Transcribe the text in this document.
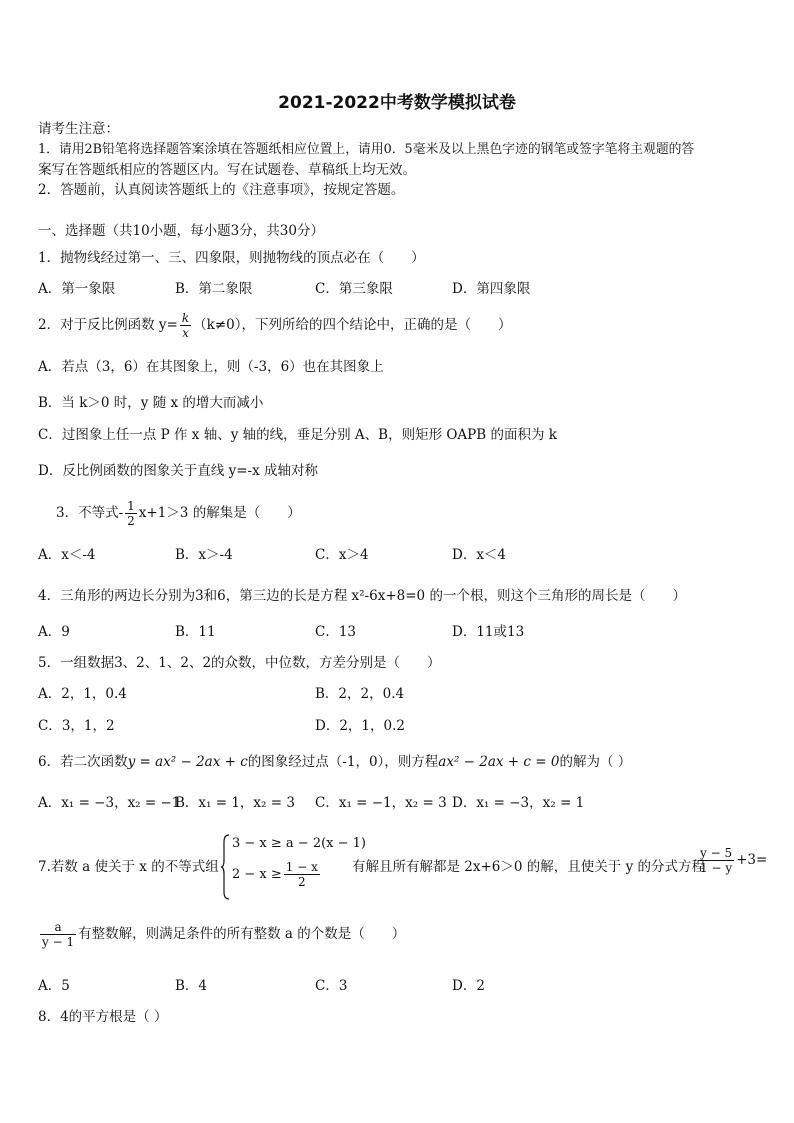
2021-2022中考数学模拟试卷
请考生注意：
1．请用2B铅笔将选择题答案涂填在答题纸相应位置上，请用0．5毫米及以上黑色字迹的钢笔或签字笔将主观题的答
案写在答题纸相应的答题区内。写在试题卷、草稿纸上均无效。
2．答题前，认真阅读答题纸上的《注意事项》，按规定答题。
一、选择题（共10小题，每小题3分，共30分）
1．抛物线经过第一、三、四象限，则抛物线的顶点必在（　　）
A．第一象限	B．第二象限	C．第三象限	D．第四象限
2．对于反比例函数 $y= \frac{k}{x} (k\ne 0)$，下列所给的四个结论中，正确的是（　　）
A．若点（3，6）在其图象上，则（-3，6）也在其图象上
B．当 k＞0 时，y 随 x 的增大而减小
C．过图象上任一点 P 作 x 轴、y 轴的线，垂足分别 A、B，则矩形 OAPB 的面积为 k
D．反比例函数的图象关于直线 y=-x 成轴对称
3．不等式- $\frac{1}{2} x+1>3$ 的解集是（　　）
A．x＜-4	B．x＞-4	C．x＞4	D．x＜4
4．三角形的两边长分别为3和6，第三边的长是方程 x²-6x+8=0 的一个根，则这个三角形的周长是（　　）
A．9	B．11	C．13	D．11或13
5．一组数据3、2、1、2、2的众数，中位数，方差分别是（　　）
A．2，1，0.4	B．2，2，0.4
C．3，1，2	D．2，1，0.2
6．若二次函数y = ax² − 2ax + c的图象经过点（-1，0），则方程ax² − 2ax + c = 0的解为（ ）
A．x₁ = −3，x₂ = −1
B．x₁ = 1，x₂ = 3 C．x₁ = −1，x₂ = 3 D．x₁ = −3，x₂ = 1
7.若数 a 使关于 x 的不等式组
3 − x ≥ a − 2(x − 1)
$2 - x \ge \frac{1 - x}{2}$ 有解且所有解都是 2x+6＞0 的解，且使关于 y 的分式方程
$\frac{y - 5}{1 - y} +3=$
$\frac{a}{y - 1}$ 有整数解，则满足条件的所有整数 a 的个数是（　　）
A．5	B．4	C．3	D．2
8．4的平方根是（ ）
